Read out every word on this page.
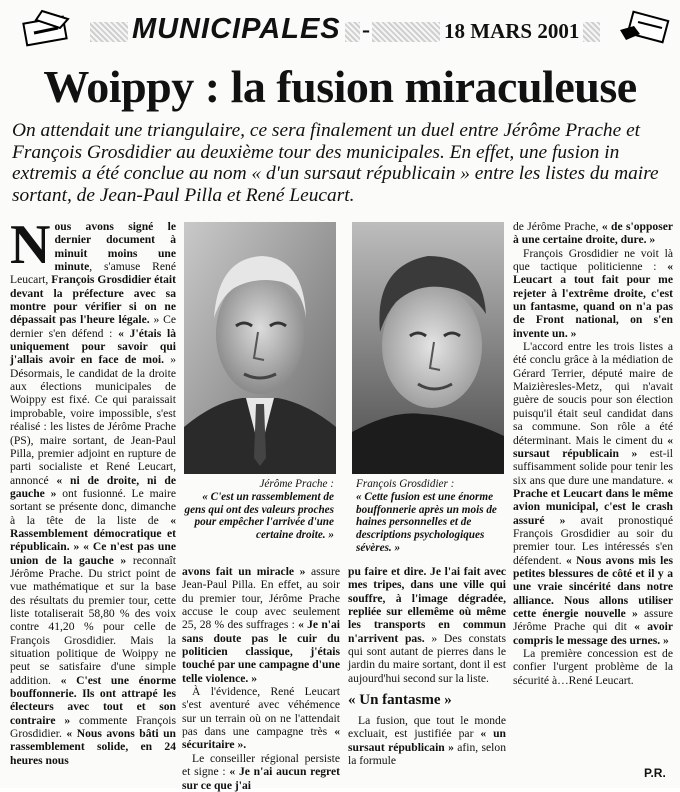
MUNICIPALES -	18 MARS 2001
Woippy : la fusion miraculeuse
On attendait une triangulaire, ce sera finalement un duel entre Jérôme Prache et François Grosdidier au deuxième tour des municipales. En effet, une fusion in extremis a été conclue au nom « d'un sursaut républicain » entre les listes du maire sortant, de Jean-Paul Pilla et René Leucart.

Nous avons signé le dernier document à minuit moins une minute, s'amuse René Leucart, François Grosdidier était devant la préfecture avec sa montre pour vérifier si on ne dépassait pas l'heure légale. » Ce dernier s'en défend : « J'étais là uniquement pour savoir qui j'allais avoir en face de moi. » Désormais, le candidat de la droite aux élections municipales de Woippy est fixé. Ce qui paraissait improbable, voire impossible, s'est réalisé : les listes de Jérôme Prache (PS), maire sortant, de Jean-Paul Pilla, premier adjoint en rupture de parti socialiste et René Leucart, annoncé « ni de droite, ni de gauche » ont fusionné. Le maire sortant se présente donc, dimanche à la tête de la liste de « Rassemblement démocratique et républicain. » « Ce n'est pas une union de la gauche » reconnaît Jérôme Prache. Du strict point de vue mathématique et sur la base des résultats du premier tour, cette liste totaliserait 58,80 % des voix contre 41,20 % pour celle de François Grosdidier. Mais la situation politique de Woippy ne peut se satisfaire d'une simple addition. « C'est une énorme bouffonnerie. Ils ont attrapé les électeurs avec tout et son contraire » commente François Grosdidier. « Nous avons bâti un rassemblement solide, en 24 heures nous

Jérôme Prache :
« C'est un rassemblement de gens qui ont des valeurs proches pour empêcher l'arrivée d'une certaine droite. »
François Grosdidier :
« Cette fusion est une énorme bouffonnerie après un mois de haines personnelles et de descriptions psychologiques sévères. »

avons fait un miracle » assure Jean-Paul Pilla. En effet, au soir du premier tour, Jérôme Prache accuse le coup avec seulement 25, 28 % des suffrages : « Je n'ai sans doute pas le cuir du politicien classique, j'étais touché par une campagne d'une telle violence. »

À l'évidence, René Leucart s'est aventuré avec véhémence sur un terrain où on ne l'attendait pas dans une campagne très « sécuritaire ».

Le conseiller régional persiste et signe : « Je n'ai aucun regret sur ce que j'ai

pu faire et dire. Je l'ai fait avec mes tripes, dans une ville qui souffre, à l'image dégradée, repliée sur ellemême où même les transports en commun n'arrivent pas. » Des constats qui sont autant de pierres dans le jardin du maire sortant, dont il est aujourd'hui second sur la liste.

« Un fantasme »

La fusion, que tout le monde excluait, est justifiée par « un sursaut républicain » afin, selon la formule

de Jérôme Prache, « de s'opposer à une certaine droite, dure. »

François Grosdidier ne voit là que tactique politicienne : « Leucart a tout fait pour me rejeter à l'extrême droite, c'est un fantasme, quand on n'a pas de Front national, on s'en invente un. »

L'accord entre les trois listes a été conclu grâce à la médiation de Gérard Terrier, député maire de Maizièresles-Metz, qui n'avait guère de soucis pour son élection puisqu'il était seul candidat dans sa commune. Son rôle a été déterminant. Mais le ciment du « sursaut républicain » est-il suffisamment solide pour tenir les six ans que dure une mandature. « Prache et Leucart dans le même avion municipal, c'est le crash assuré » avait pronostiqué François Grosdidier au soir du premier tour. Les intéressés s'en défendent. « Nous avons mis les petites blessures de côté et il y a une vraie sincérité dans notre alliance. Nous allons utiliser cette énergie nouvelle » assure Jérôme Prache qui dit « avoir compris le message des urnes. »

La première concession est de confier l'urgent problème de la sécurité à…René Leucart.

P.R.
